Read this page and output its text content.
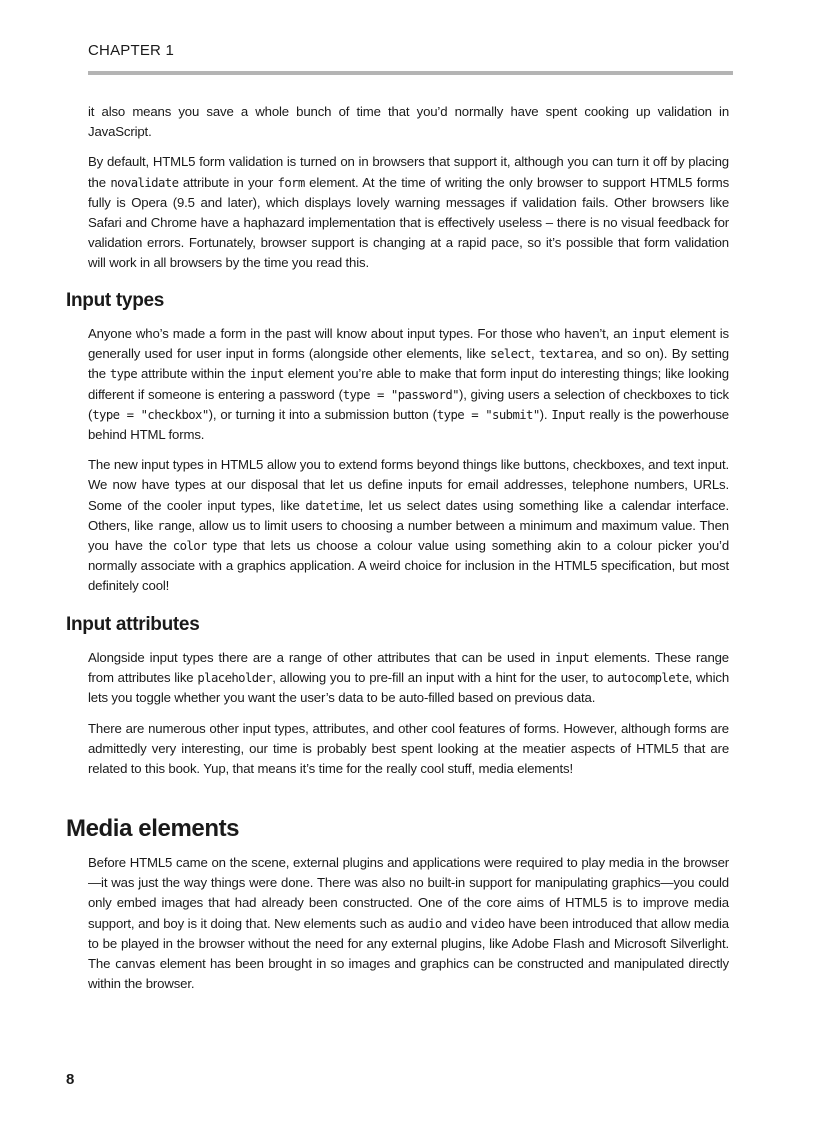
CHAPTER 1

it also means you save a whole bunch of time that you’d normally have spent cooking up validation in JavaScript.

By default, HTML5 form validation is turned on in browsers that support it, although you can turn it off by placing the novalidate attribute in your form element. At the time of writing the only browser to support HTML5 forms fully is Opera (9.5 and later), which displays lovely warning messages if validation fails. Other browsers like Safari and Chrome have a haphazard implementation that is effectively useless – there is no visual feedback for validation errors. Fortunately, browser support is changing at a rapid pace, so it’s possible that form validation will work in all browsers by the time you read this.

Input types

Anyone who’s made a form in the past will know about input types. For those who haven’t, an input element is generally used for user input in forms (alongside other elements, like select, textarea, and so on). By setting the type attribute within the input element you’re able to make that form input do interesting things; like looking different if someone is entering a password (type = "password"), giving users a selection of checkboxes to tick (type = "checkbox"), or turning it into a submission button (type = "submit"). Input really is the powerhouse behind HTML forms.

The new input types in HTML5 allow you to extend forms beyond things like buttons, checkboxes, and text input. We now have types at our disposal that let us define inputs for email addresses, telephone numbers, URLs. Some of the cooler input types, like datetime, let us select dates using something like a calendar interface. Others, like range, allow us to limit users to choosing a number between a minimum and maximum value. Then you have the color type that lets us choose a colour value using something akin to a colour picker you’d normally associate with a graphics application. A weird choice for inclusion in the HTML5 specification, but most definitely cool!

Input attributes

Alongside input types there are a range of other attributes that can be used in input elements. These range from attributes like placeholder, allowing you to pre-fill an input with a hint for the user, to autocomplete, which lets you toggle whether you want the user’s data to be auto-filled based on previous data.

There are numerous other input types, attributes, and other cool features of forms. However, although forms are admittedly very interesting, our time is probably best spent looking at the meatier aspects of HTML5 that are related to this book. Yup, that means it’s time for the really cool stuff, media elements!

Media elements

Before HTML5 came on the scene, external plugins and applications were required to play media in the browser—it was just the way things were done. There was also no built-in support for manipulating graphics—you could only embed images that had already been constructed. One of the core aims of HTML5 is to improve media support, and boy is it doing that. New elements such as audio and video have been introduced that allow media to be played in the browser without the need for any external plugins, like Adobe Flash and Microsoft Silverlight. The canvas element has been brought in so images and graphics can be constructed and manipulated directly within the browser.

8
